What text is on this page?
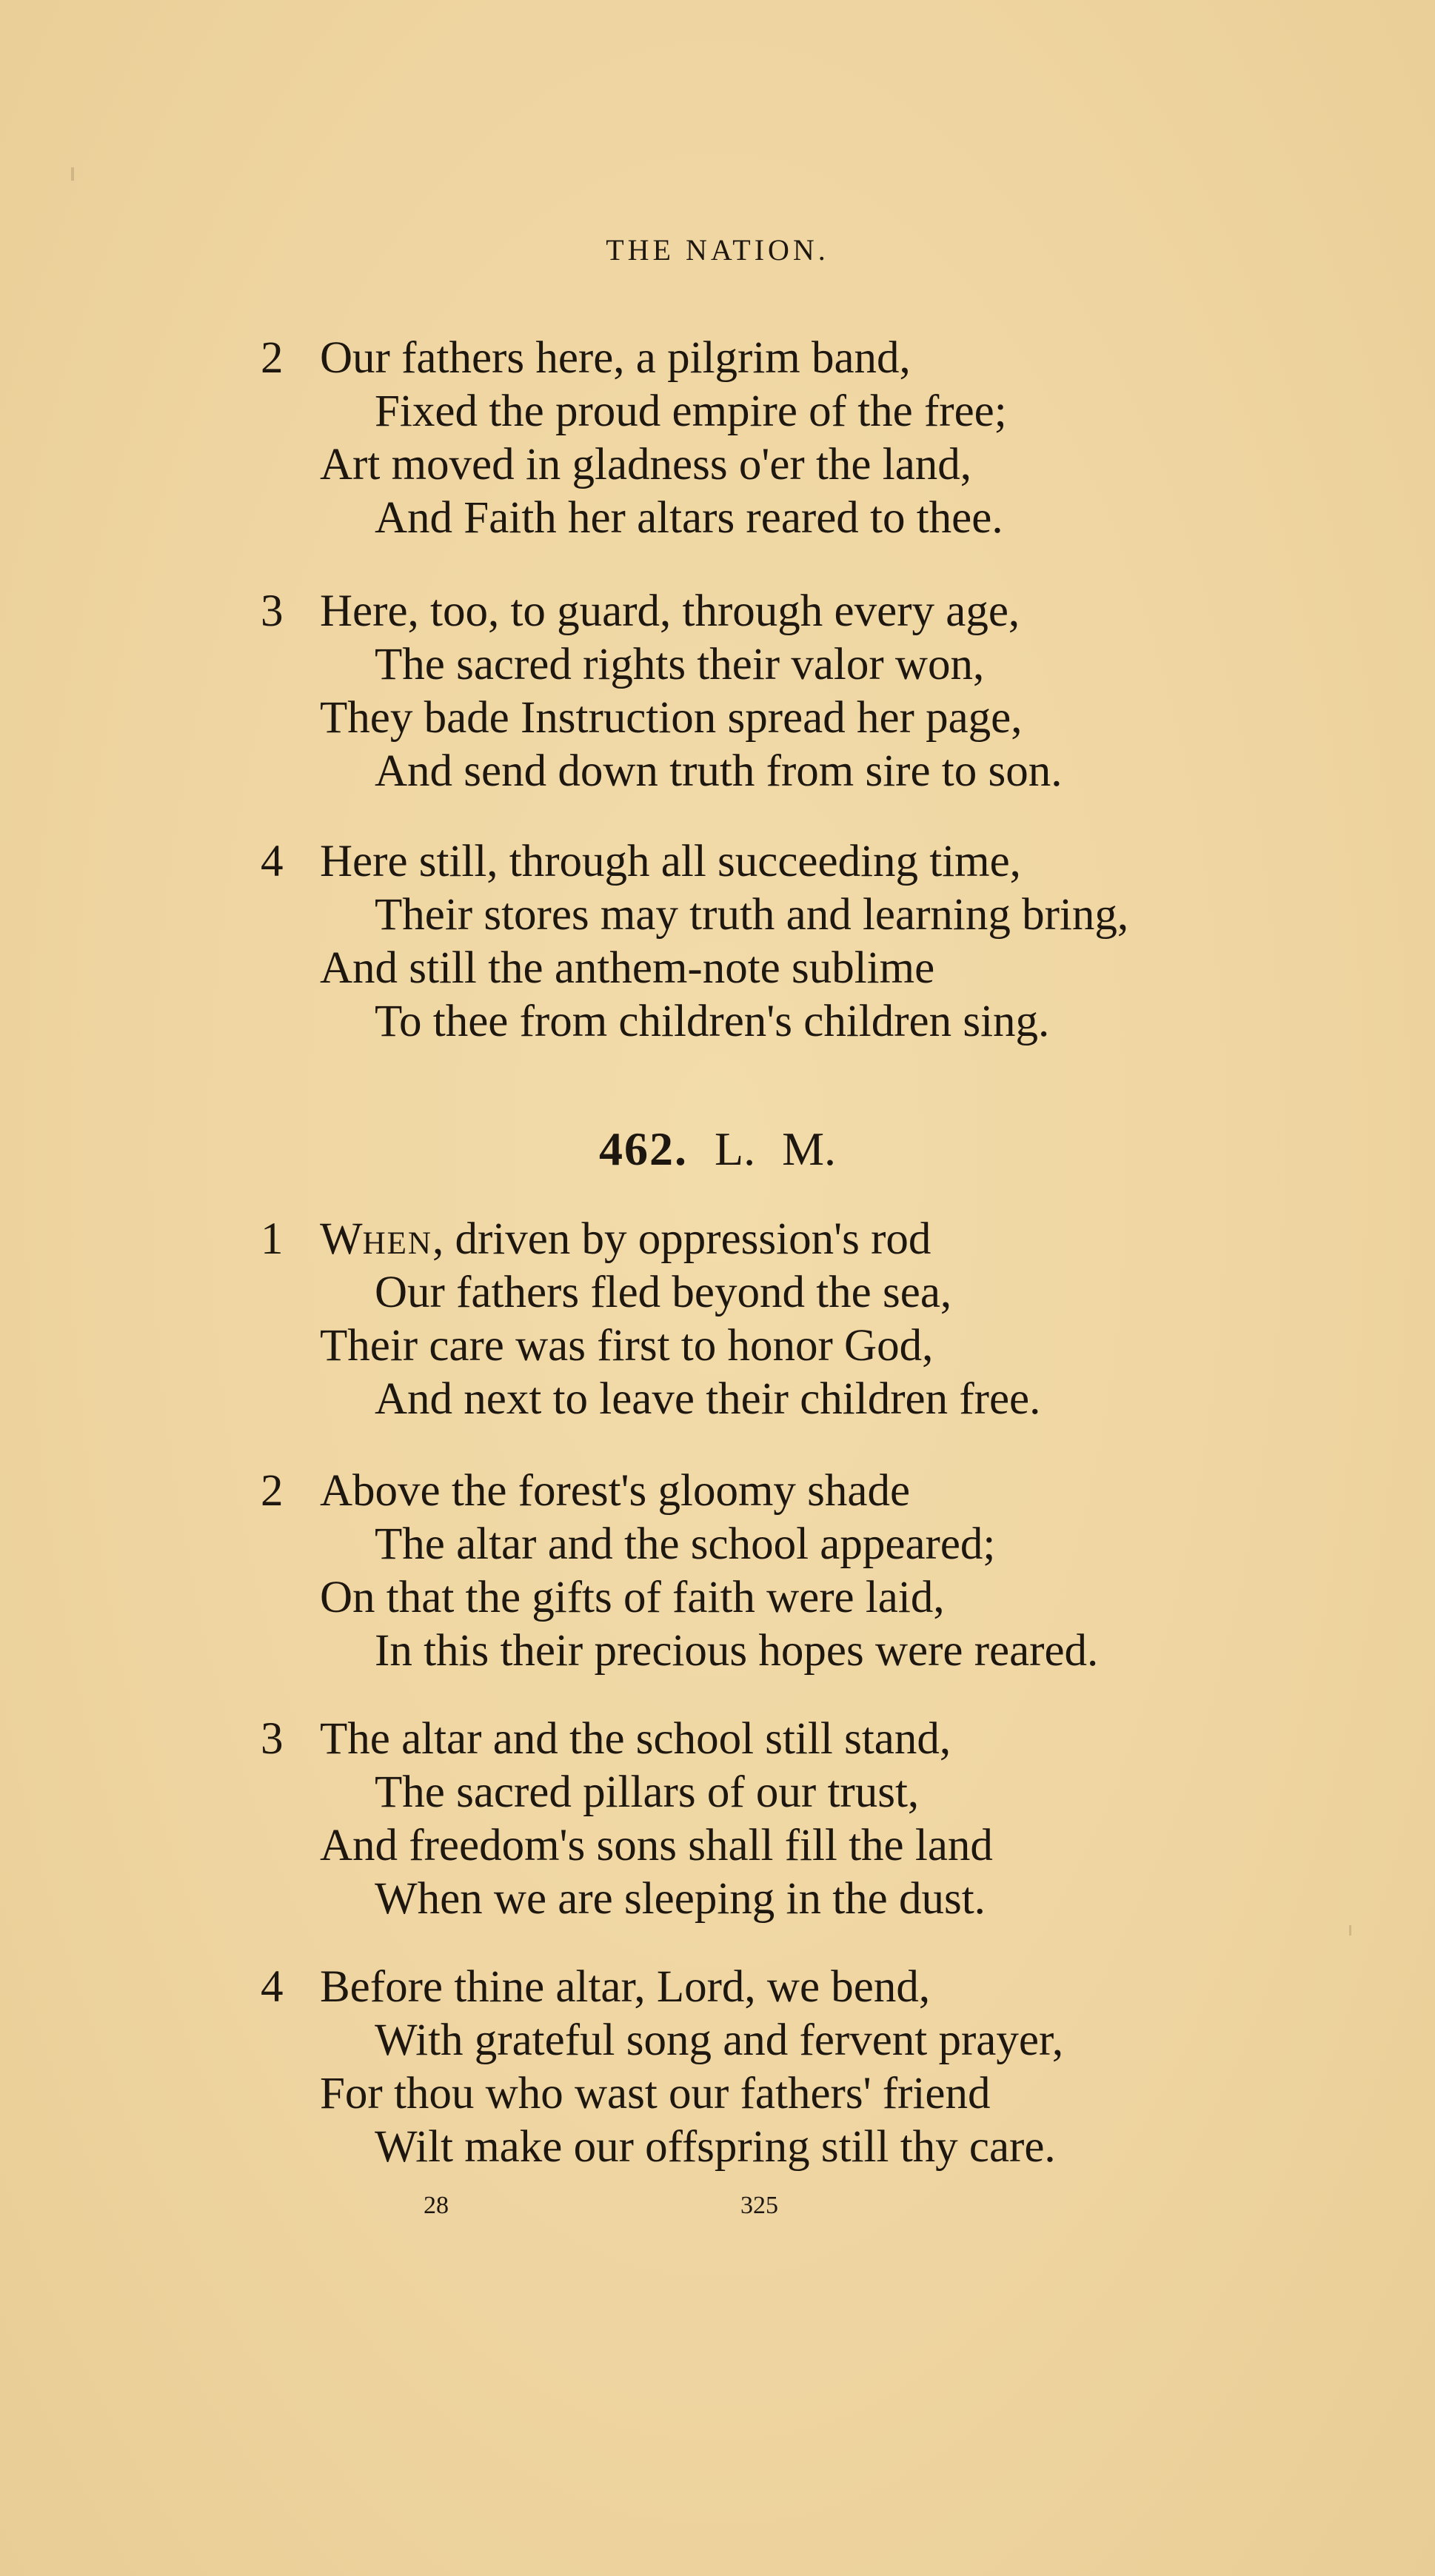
THE NATION.
2 Our fathers here, a pilgrim band,
Fixed the proud empire of the free;
Art moved in gladness o'er the land,
And Faith her altars reared to thee.
3 Here, too, to guard, through every age,
The sacred rights their valor won,
They bade Instruction spread her page,
And send down truth from sire to son.
4 Here still, through all succeeding time,
Their stores may truth and learning bring,
And still the anthem-note sublime
To thee from children's children sing.
462. L. M.
1 When, driven by oppression's rod
Our fathers fled beyond the sea,
Their care was first to honor God,
And next to leave their children free.
2 Above the forest's gloomy shade
The altar and the school appeared;
On that the gifts of faith were laid,
In this their precious hopes were reared.
3 The altar and the school still stand,
The sacred pillars of our trust,
And freedom's sons shall fill the land
When we are sleeping in the dust.
4 Before thine altar, Lord, we bend,
With grateful song and fervent prayer,
For thou who wast our fathers' friend
Wilt make our offspring still thy care.
28	325
